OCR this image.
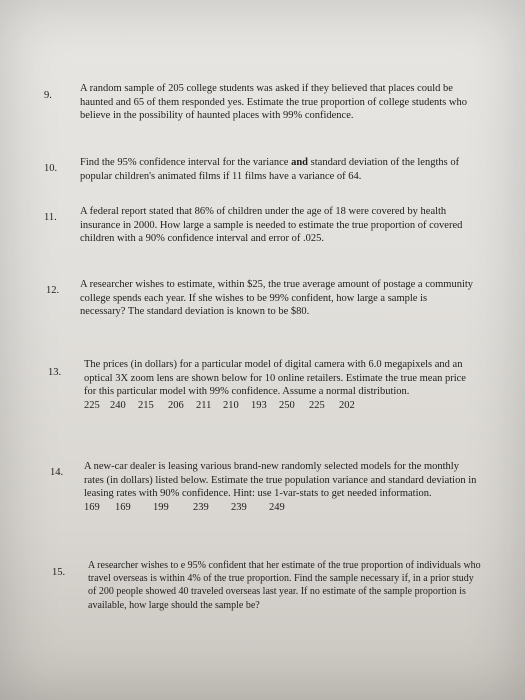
9.
A random sample of 205 college students was asked if they believed that places could be haunted and 65 of them responded yes. Estimate the true proportion of college students who believe in the possibility of haunted places with 99% confidence.
10.
Find the 95% confidence interval for the variance and standard deviation of the lengths of popular children's animated films if 11 films have a variance of 64.
11.
A federal report stated that 86% of children under the age of 18 were covered by health insurance in 2000. How large a sample is needed to estimate the true proportion of covered children with a 90% confidence interval and error of .025.
12.
A researcher wishes to estimate, within $25, the true average amount of postage a community college spends each year. If she wishes to be 99% confident, how large a sample is necessary? The standard deviation is known to be $80.
13.
The prices (in dollars) for a particular model of digital camera with 6.0 megapixels and an optical 3X zoom lens are shown below for 10 online retailers. Estimate the true mean price for this particular model with 99% confidence. Assume a normal distribution.
225 240	215	206	211	210	193	250	225	202
14.
A new-car dealer is leasing various brand-new randomly selected models for the monthly rates (in dollars) listed below. Estimate the true population variance and standard deviation in leasing rates with 90% confidence. Hint: use 1-var-stats to get needed information.
169	169	199	239	239	249
15.
A researcher wishes to e 95% confident that her estimate of the true proportion of individuals who travel overseas is within 4% of the true proportion. Find the sample necessary if, in a prior study of 200 people showed 40 traveled overseas last year. If no estimate of the sample proportion is available, how large should the sample be?
